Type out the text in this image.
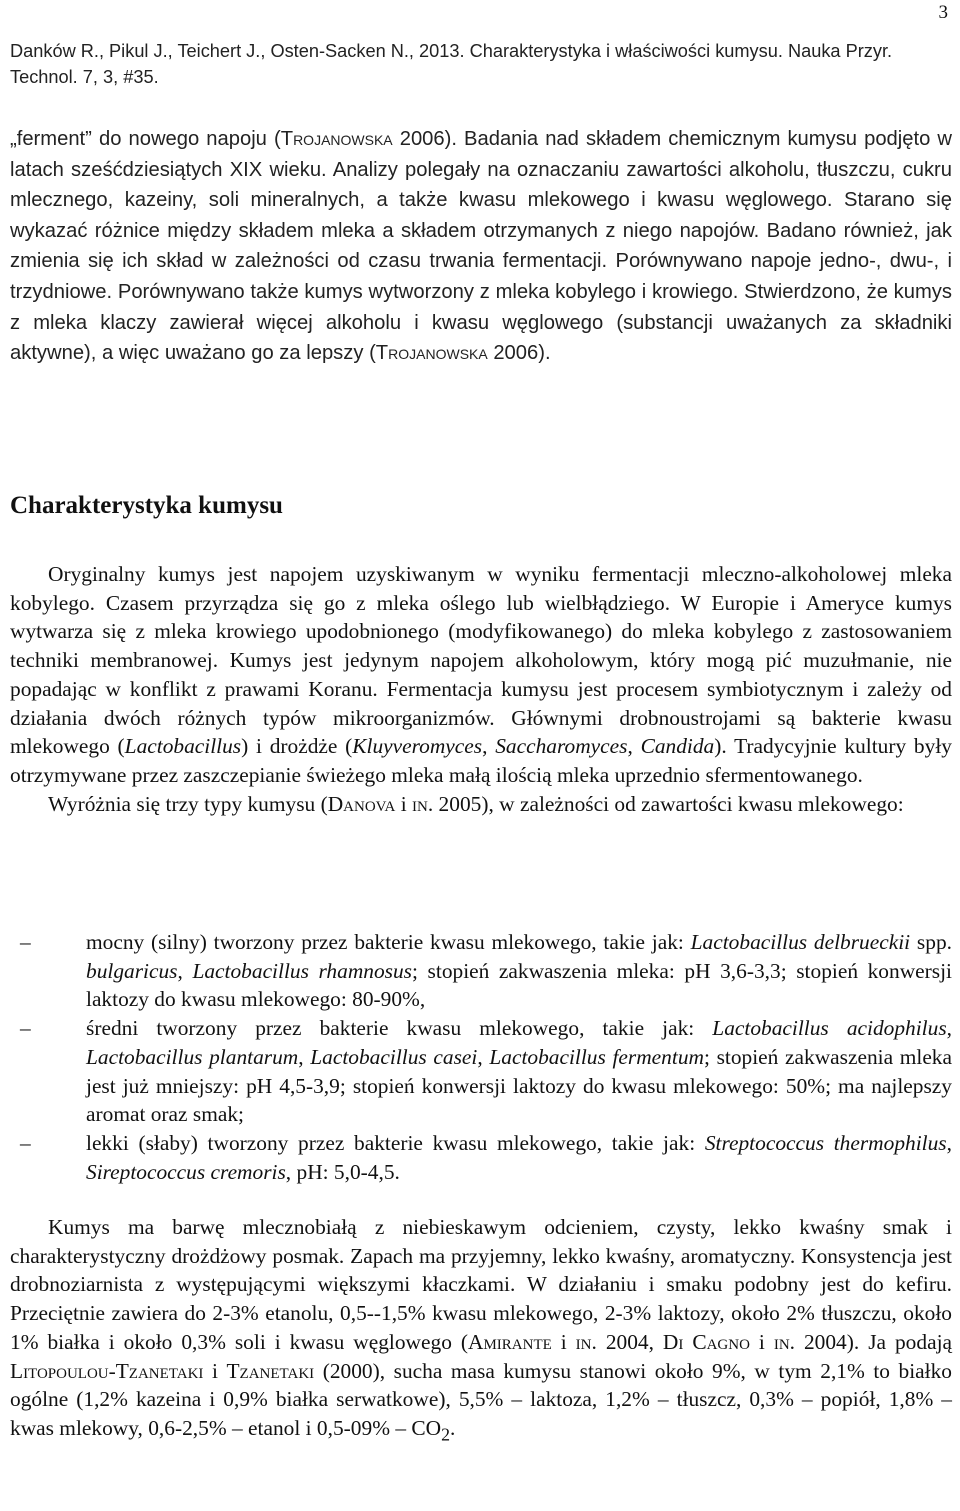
3
Danków R., Pikul J., Teichert J., Osten-Sacken N., 2013. Charakterystyka i właściwości kumysu. Nauka Przyr. Technol. 7, 3, #35.

„ferment” do nowego napoju (Trojanowska 2006). Badania nad składem chemicznym kumysu podjęto w latach sześćdziesiątych XIX wieku. Analizy polegały na oznaczaniu zawartości alkoholu, tłuszczu, cukru mlecznego, kazeiny, soli mineralnych, a także kwasu mlekowego i kwasu węglowego. Starano się wykazać różnice między składem mleka a składem otrzymanych z niego napojów. Badano również, jak zmienia się ich skład w zależności od czasu trwania fermentacji. Porównywano napoje jedno-, dwu-, i trzydniowe. Porównywano także kumys wytworzony z mleka kobylego i krowiego. Stwierdzono, że kumys z mleka klaczy zawierał więcej alkoholu i kwasu węglowego (substancji uważanych za składniki aktywne), a więc uważano go za lepszy (Trojanowska 2006).

Charakterystyka kumysu

Oryginalny kumys jest napojem uzyskiwanym w wyniku fermentacji mleczno-alkoholowej mleka kobylego. Czasem przyrządza się go z mleka oślego lub wielbłądziego. W Europie i Ameryce kumys wytwarza się z mleka krowiego upodobnionego (modyfikowanego) do mleka kobylego z zastosowaniem techniki membranowej. Kumys jest jedynym napojem alkoholowym, który mogą pić muzułmanie, nie popadając w konflikt z prawami Koranu. Fermentacja kumysu jest procesem symbiotycznym i zależy od działania dwóch różnych typów mikroorganizmów. Głównymi drobnoustrojami są bakterie kwasu mlekowego (Lactobacillus) i drożdże (Kluyveromyces, Saccharomyces, Candida). Tradycyjnie kultury były otrzymywane przez zaszczepianie świeżego mleka małą ilością mleka uprzednio sfermentowanego.

Wyróżnia się trzy typy kumysu (Danova i in. 2005), w zależności od zawartości kwasu mlekowego:

–	mocny (silny) tworzony przez bakterie kwasu mlekowego, takie jak: Lactobacillus delbrueckii spp. bulgaricus, Lactobacillus rhamnosus; stopień zakwaszenia mleka: pH 3,6-3,3; stopień konwersji laktozy do kwasu mlekowego: 80-90%,
–	średni tworzony przez bakterie kwasu mlekowego, takie jak: Lactobacillus acidophilus, Lactobacillus plantarum, Lactobacillus casei, Lactobacillus fermentum; stopień zakwaszenia mleka jest już mniejszy: pH 4,5-3,9; stopień konwersji laktozy do kwasu mlekowego: 50%; ma najlepszy aromat oraz smak;
–	lekki (słaby) tworzony przez bakterie kwasu mlekowego, takie jak: Streptococcus thermophilus, Sireptococcus cremoris, pH: 5,0-4,5.

Kumys ma barwę mlecznobiałą z niebieskawym odcieniem, czysty, lekko kwaśny smak i charakterystyczny drożdżowy posmak. Zapach ma przyjemny, lekko kwaśny, aromatyczny. Konsystencja jest drobnoziarnista z występującymi większymi kłaczkami. W działaniu i smaku podobny jest do kefiru. Przeciętnie zawiera do 2-3% etanolu, 0,5--1,5% kwasu mlekowego, 2-3% laktozy, około 2% tłuszczu, około 1% białka i około 0,3% soli i kwasu węglowego (Amirante i in. 2004, Di Cagno i in. 2004). Ja podają Litopoulou-Tzanetaki i Tzanetaki (2000), sucha masa kumysu stanowi około 9%, w tym 2,1% to białko ogólne (1,2% kazeina i 0,9% białka serwatkowe), 5,5% – laktoza, 1,2% – tłuszcz, 0,3% – popiół, 1,8% – kwas mlekowy, 0,6-2,5% – etanol i $0,5-09\% - CO_2$.
